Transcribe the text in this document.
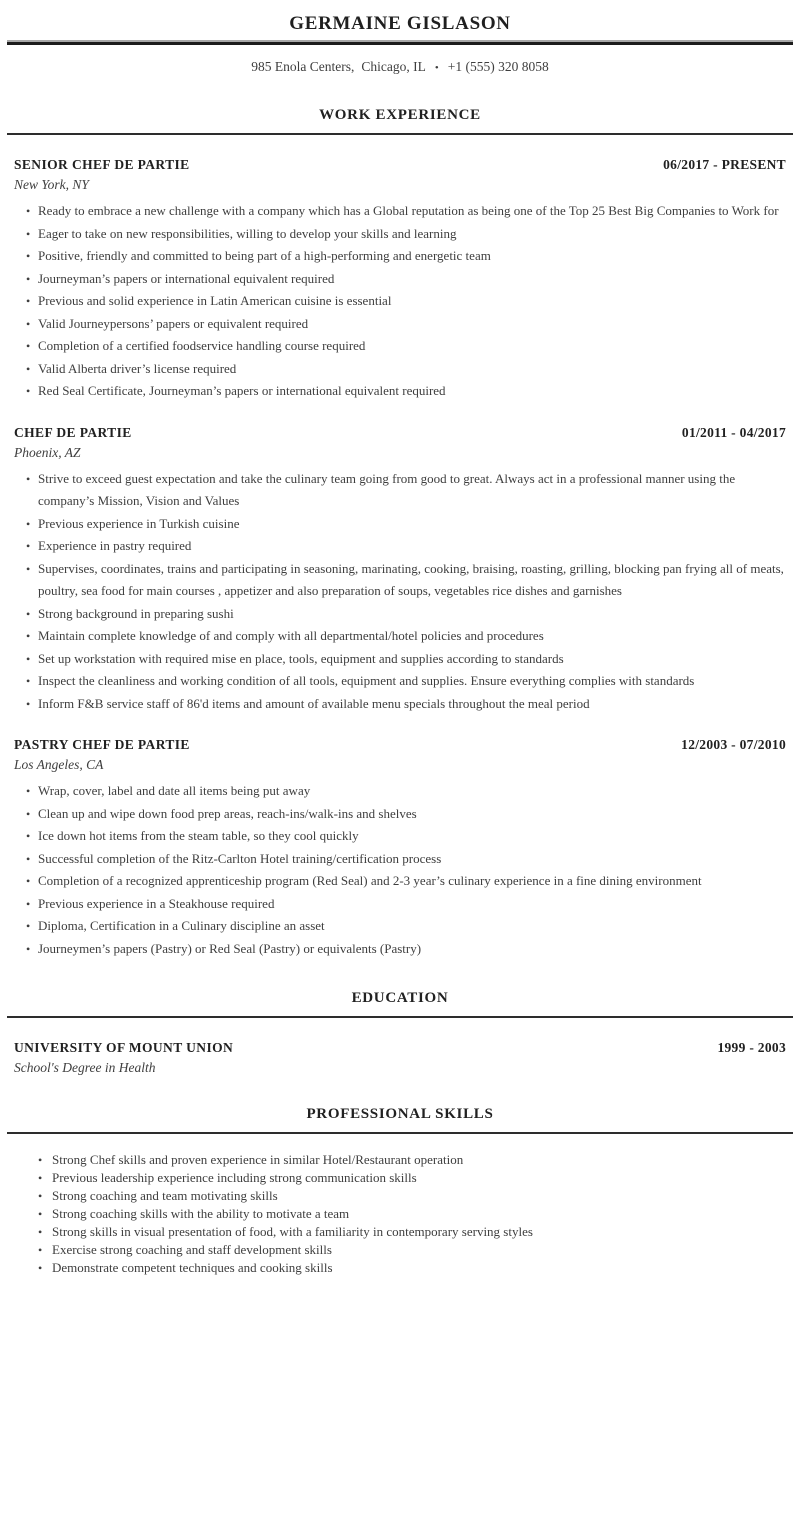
GERMAINE GISLASON
985 Enola Centers, Chicago, IL • +1 (555) 320 8058
WORK EXPERIENCE
SENIOR CHEF DE PARTIE	06/2017 - PRESENT
New York, NY
• Ready to embrace a new challenge with a company which has a Global reputation as being one of the Top 25 Best Big Companies to Work for
• Eager to take on new responsibilities, willing to develop your skills and learning
• Positive, friendly and committed to being part of a high-performing and energetic team
• Journeyman’s papers or international equivalent required
• Previous and solid experience in Latin American cuisine is essential
• Valid Journeypersons’ papers or equivalent required
• Completion of a certified foodservice handling course required
• Valid Alberta driver’s license required
• Red Seal Certificate, Journeyman’s papers or international equivalent required
CHEF DE PARTIE	01/2011 - 04/2017
Phoenix, AZ
• Strive to exceed guest expectation and take the culinary team going from good to great. Always act in a professional manner using the company’s Mission, Vision and Values
• Previous experience in Turkish cuisine
• Experience in pastry required
• Supervises, coordinates, trains and participating in seasoning, marinating, cooking, braising, roasting, grilling, blocking pan frying all of meats, poultry, sea food for main courses , appetizer and also preparation of soups, vegetables rice dishes and garnishes
• Strong background in preparing sushi
• Maintain complete knowledge of and comply with all departmental/hotel policies and procedures
• Set up workstation with required mise en place, tools, equipment and supplies according to standards
• Inspect the cleanliness and working condition of all tools, equipment and supplies. Ensure everything complies with standards
• Inform F&B service staff of 86'd items and amount of available menu specials throughout the meal period
PASTRY CHEF DE PARTIE	12/2003 - 07/2010
Los Angeles, CA
• Wrap, cover, label and date all items being put away
• Clean up and wipe down food prep areas, reach-ins/walk-ins and shelves
• Ice down hot items from the steam table, so they cool quickly
• Successful completion of the Ritz-Carlton Hotel training/certification process
• Completion of a recognized apprenticeship program (Red Seal) and 2-3 year’s culinary experience in a fine dining environment
• Previous experience in a Steakhouse required
• Diploma, Certification in a Culinary discipline an asset
• Journeymen’s papers (Pastry) or Red Seal (Pastry) or equivalents (Pastry)
EDUCATION
UNIVERSITY OF MOUNT UNION	1999 - 2003
School's Degree in Health
PROFESSIONAL SKILLS
• Strong Chef skills and proven experience in similar Hotel/Restaurant operation
• Previous leadership experience including strong communication skills
• Strong coaching and team motivating skills
• Strong coaching skills with the ability to motivate a team
• Strong skills in visual presentation of food, with a familiarity in contemporary serving styles
• Exercise strong coaching and staff development skills
• Demonstrate competent techniques and cooking skills
